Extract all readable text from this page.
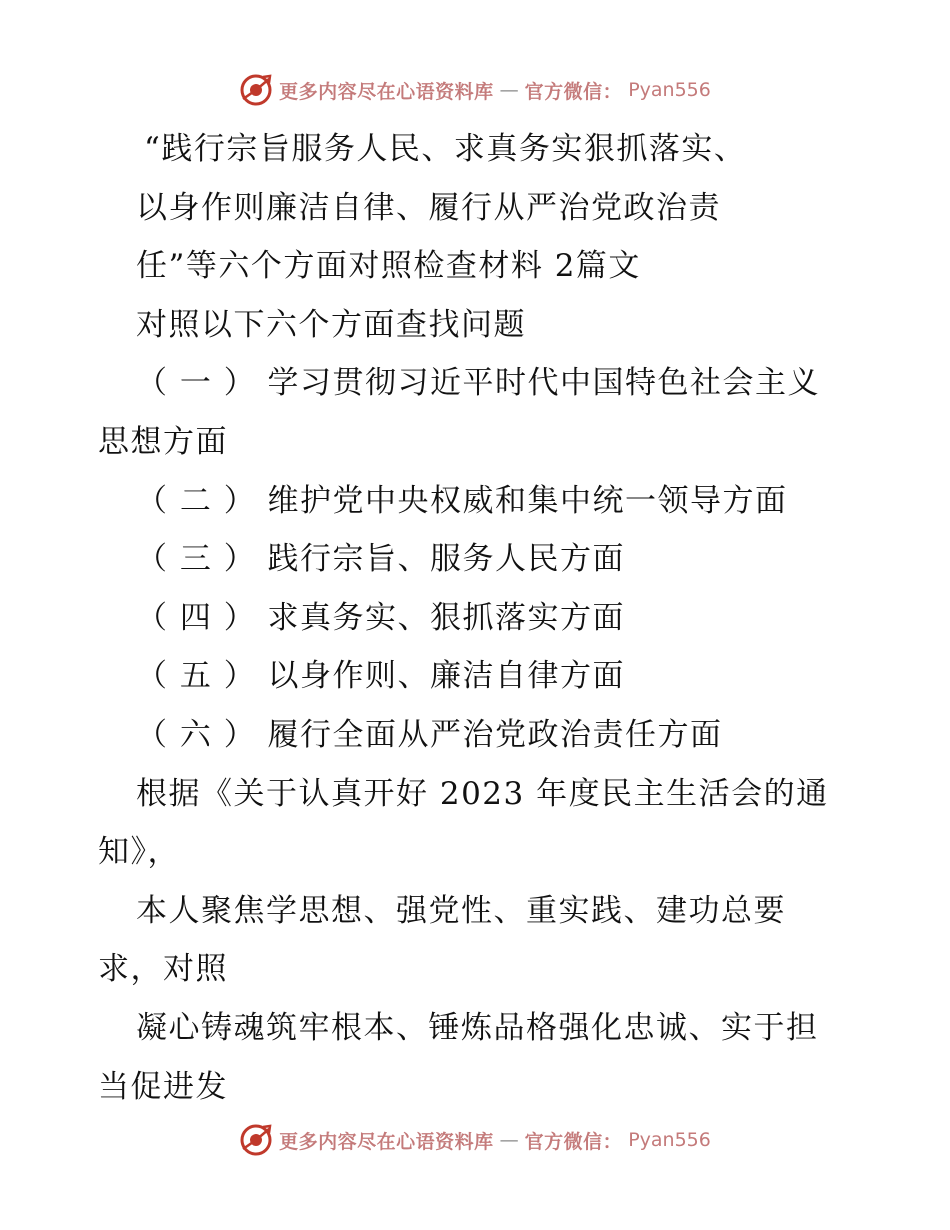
更多内容尽在心语资料库 — 官方微信： Pyan556
“践行宗旨服务人民、求真务实狠抓落实、
以身作则廉洁自律、履行从严治党政治责
任”等六个方面对照检查材料 2篇文
对照以下六个方面查找问题
（ 一 ） 学习贯彻习近平时代中国特色社会主义
思想方面
（ 二 ） 维护党中央权威和集中统一领导方面
（ 三 ） 践行宗旨、服务人民方面
（ 四 ） 求真务实、狠抓落实方面
（ 五 ） 以身作则、廉洁自律方面
（ 六 ） 履行全面从严治党政治责任方面
根据《关于认真开好 2023 年度民主生活会的通
知》，
本人聚焦学思想、强党性、重实践、建功总要
求，对照
凝心铸魂筑牢根本、锤炼品格强化忠诚、实于担
当促进发
更多内容尽在心语资料库 — 官方微信： Pyan556
